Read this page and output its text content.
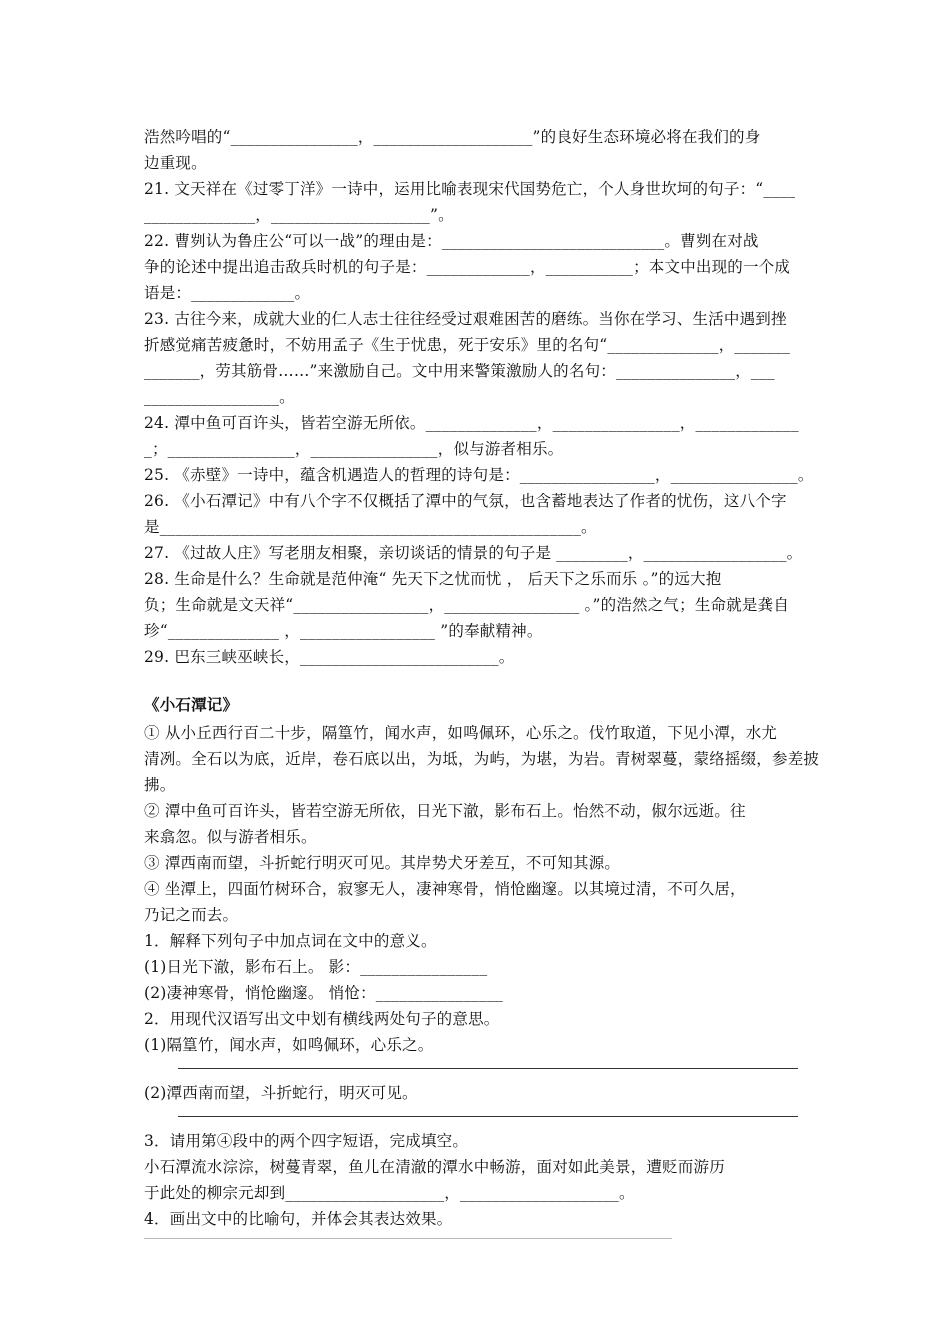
浩然吟唱的“________________，____________________”的良好生态环境必将在我们的身
边重现。
21. 文天祥在《过零丁洋》一诗中，运用比喻表现宋代国势危亡，个人身世坎坷的句子：“____
______________，____________________”。
22. 曹刿认为鲁庄公“可以一战”的理由是：____________________________。曹刿在对战
争的论述中提出追击敌兵时机的句子是：_____________，___________；本文中出现的一个成
语是：_____________。
23. 古往今来，成就大业的仁人志士往往经受过艰难困苦的磨练。当你在学习、生活中遇到挫
折感觉痛苦疲惫时，不妨用孟子《生于忧患，死于安乐》里的名句“______________，_______
_______，劳其筋骨……”来激励自己。文中用来警策激励人的名句：_______________，___
_________________。
24. 潭中鱼可百许头，皆若空游无所依。______________，________________，_____________
_；________________，________________，似与游者相乐。
25. 《赤壁》一诗中，蕴含机遇造人的哲理的诗句是：_________________，________________。
26. 《小石潭记》中有八个字不仅概括了潭中的气氛，也含蓄地表达了作者的忧伤，这八个字
是_____________________________________________________。
27. 《过故人庄》写老朋友相聚，亲切谈话的情景的句子是 _________，__________________。
28. 生命是什么？生命就是范仲淹“ 先天下之忧而忧 ， 后天下之乐而乐 。”的远大抱
负；生命就是文天祥“_________________，_________________ 。”的浩然之气；生命就是龚自
珍“______________ ，_________________ ”的奉献精神。
29. 巴东三峡巫峡长，_________________________。
《小石潭记》
① 从小丘西行百二十步，隔篁竹，闻水声，如鸣佩环，心乐之。伐竹取道，下见小潭，水尤
清冽。全石以为底，近岸，卷石底以出，为坻，为屿，为堪，为岩。青树翠蔓，蒙络摇缀，参差披
拂。
② 潭中鱼可百许头，皆若空游无所依，日光下澈，影布石上。怡然不动，俶尔远逝。往
来翕忽。似与游者相乐。
③ 潭西南而望，斗折蛇行明灭可见。其岸势犬牙差互，不可知其源。
④ 坐潭上，四面竹树环合，寂寥无人，凄神寒骨，悄怆幽邃。以其境过清，不可久居，
乃记之而去。
1．解释下列句子中加点词在文中的意义。
(1)日光下澈，影布石上。 影：________________
(2)凄神寒骨，悄怆幽邃。 悄怆：________________
2．用现代汉语写出文中划有横线两处句子的意思。
(1)隔篁竹，闻水声，如鸣佩环，心乐之。
(2)潭西南而望，斗折蛇行，明灭可见。
3．请用第④段中的两个四字短语，完成填空。
小石潭流水淙淙，树蔓青翠，鱼儿在清澈的潭水中畅游，面对如此美景，遭贬而游历
于此处的柳宗元却到____________________，____________________。
4．画出文中的比喻句，并体会其表达效果。
